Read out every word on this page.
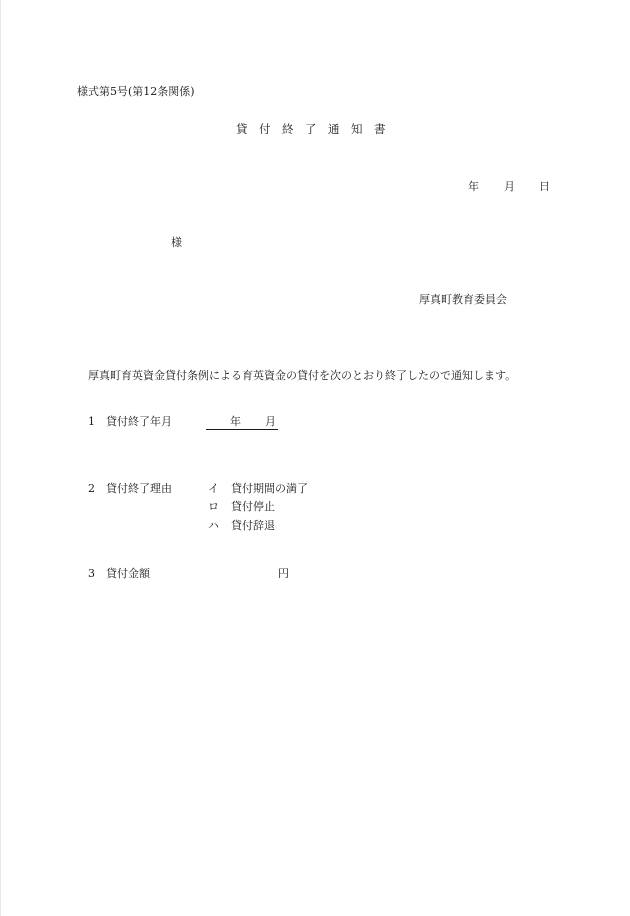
様式第5号(第12条関係)
貸　付　終　了　通　知　書
年 月 日
様
厚真町教育委員会
厚真町育英資金貸付条例による育英資金の貸付を次のとおり終了したので通知します。
1 貸付終了年月	年 月
2 貸付終了理由	イ 貸付期間の満了
ロ 貸付停止
ハ 貸付辞退
3 貸付金額	円
